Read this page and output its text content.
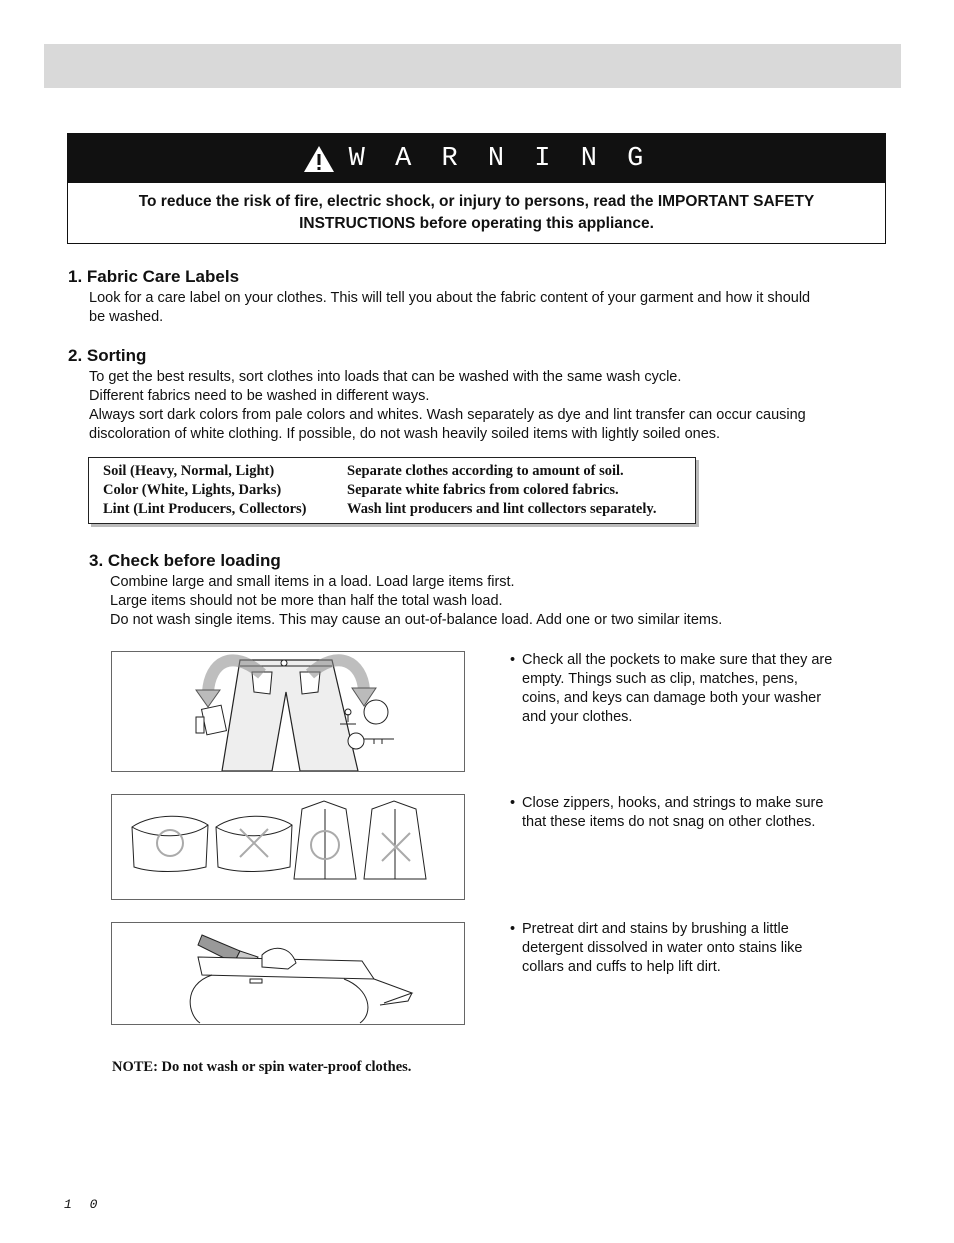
W A R N I N G
To reduce the risk of fire, electric shock, or injury to persons, read the IMPORTANT SAFETY
INSTRUCTIONS before operating this appliance.
1. Fabric Care Labels
Look for a care label on your clothes. This will tell you about the fabric content of your garment and how it should
be washed.
2. Sorting
To get the best results, sort clothes into loads that can be washed with the same wash cycle.
Different fabrics need to be washed in different ways.
Always sort dark colors from pale colors and whites. Wash separately as dye and lint transfer can occur causing
discoloration of white clothing. If possible, do not wash heavily soiled items with lightly soiled ones.
Soil (Heavy, Normal, Light)	Separate clothes according to amount of soil.
Color (White, Lights, Darks)	Separate white fabrics from colored fabrics.
Lint (Lint Producers, Collectors)	Wash lint producers and lint collectors separately.
3. Check before loading
Combine large and small items in a load. Load large items first.
Large items should not be more than half the total wash load.
Do not wash single items. This may cause an out-of-balance load. Add one or two similar items.
• Check all the pockets to make sure that they are
empty. Things such as clip, matches, pens,
coins, and keys can damage both your washer
and your clothes.
• Close zippers, hooks, and strings to make sure
that these items do not snag on other clothes.
• Pretreat dirt and stains by brushing a little
detergent dissolved in water onto stains like
collars and cuffs to help lift dirt.
NOTE: Do not wash or spin water-proof clothes.
1 0
